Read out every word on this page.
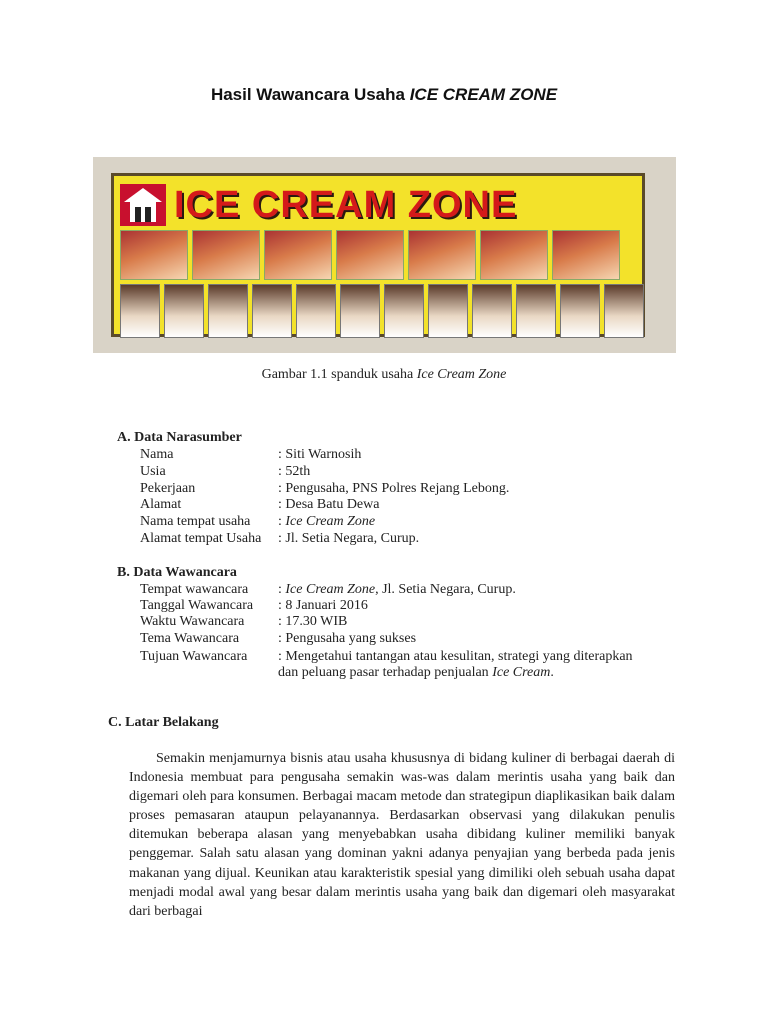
Hasil Wawancara Usaha ICE CREAM ZONE
ICE CREAM ZONE
Gambar 1.1 spanduk usaha Ice Cream Zone
A. Data Narasumber
Nama	: Siti Warnosih
Usia	: 52th
Pekerjaan	: Pengusaha, PNS Polres Rejang Lebong.
Alamat	: Desa Batu Dewa
Nama tempat usaha : Ice Cream Zone
Alamat tempat Usaha : Jl. Setia Negara, Curup.
B. Data Wawancara
Tempat wawancara : Ice Cream Zone, Jl. Setia Negara, Curup.
Tanggal Wawancara : 8 Januari 2016
Waktu Wawancara : 17.30 WIB
Tema Wawancara	: Pengusaha yang sukses
Tujuan Wawancara : Mengetahui tantangan atau kesulitan, strategi yang diterapkan
dan peluang pasar terhadap penjualan Ice Cream.
C. Latar Belakang
Semakin menjamurnya bisnis atau usaha khususnya di bidang kuliner di berbagai daerah di Indonesia membuat para pengusaha semakin was-was dalam merintis usaha yang baik dan digemari oleh para konsumen. Berbagai macam metode dan strategipun diaplikasikan baik dalam proses pemasaran ataupun pelayanannya. Berdasarkan observasi yang dilakukan penulis ditemukan beberapa alasan yang menyebabkan usaha dibidang kuliner memiliki banyak penggemar. Salah satu alasan yang dominan yakni adanya penyajian yang berbeda pada jenis makanan yang dijual. Keunikan atau karakteristik spesial yang dimiliki oleh sebuah usaha dapat menjadi modal awal yang besar dalam merintis usaha yang baik dan digemari oleh masyarakat dari berbagai
